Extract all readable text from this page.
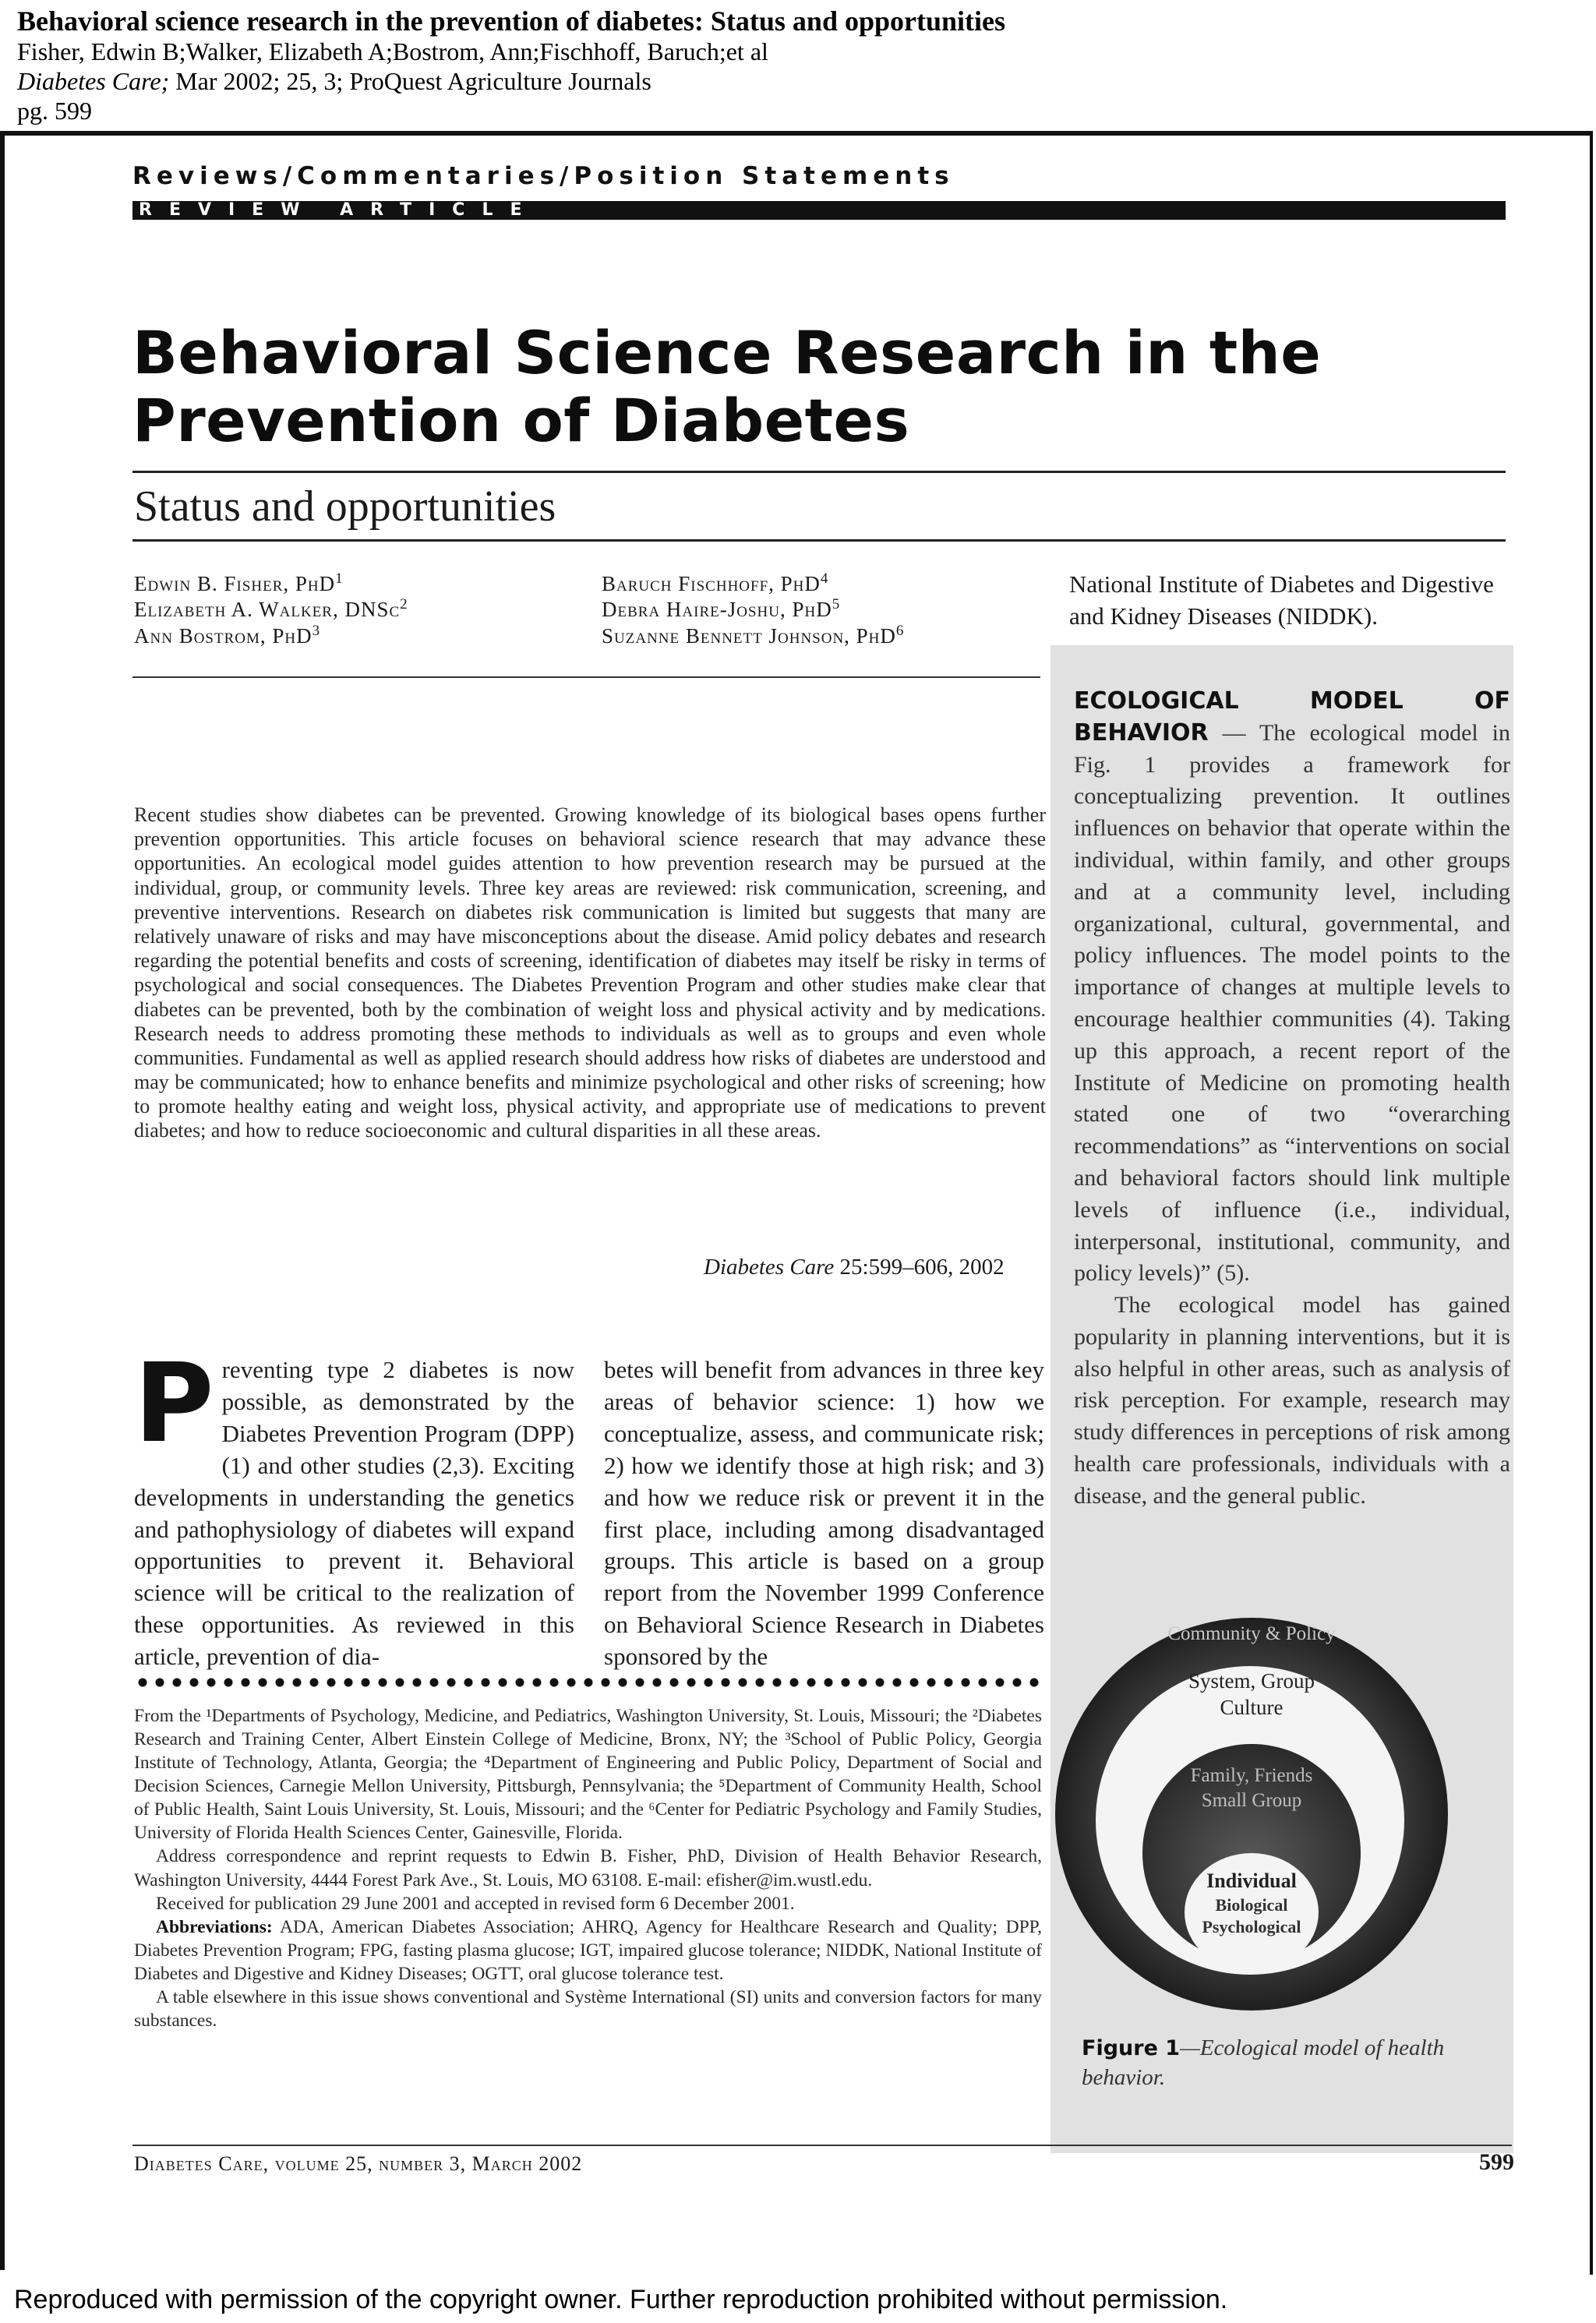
Behavioral science research in the prevention of diabetes: Status and opportunities
Fisher, Edwin B;Walker, Elizabeth A;Bostrom, Ann;Fischhoff, Baruch;et al
Diabetes Care; Mar 2002; 25, 3; ProQuest Agriculture Journals
pg. 599
Reviews/Commentaries/Position Statements
REVIEW ARTICLE
Behavioral Science Research in the Prevention of Diabetes
Status and opportunities
Edwin B. Fisher, PhD$^1$
Elizabeth A. Walker, DNSc$^2$
Ann Bostrom, PhD$^3$
Baruch Fischhoff, PhD$^4$
Debra Haire-Joshu, PhD$^5$
Suzanne Bennett Johnson, PhD$^6$
National Institute of Diabetes and Digestive and Kidney Diseases (NIDDK).
ECOLOGICAL MODEL OF BEHAVIOR — The ecological model in Fig. 1 provides a framework for conceptualizing prevention. It outlines influences on behavior that operate within the individual, within family, and other groups and at a community level, including organizational, cultural, governmental, and policy influences. The model points to the importance of changes at multiple levels to encourage healthier communities (4). Taking up this approach, a recent report of the Institute of Medicine on promoting health stated one of two “overarching recommendations” as “interventions on social and behavioral factors should link multiple levels of influence (i.e., individual, interpersonal, institutional, community, and policy levels)” (5).
The ecological model has gained popularity in planning interventions, but it is also helpful in other areas, such as analysis of risk perception. For example, research may study differences in perceptions of risk among health care professionals, individuals with a disease, and the general public.
Community & Policy
System, Group
Culture
Family, Friends
Small Group
Individual
Biological
Psychological
Figure 1—Ecological model of health behavior.
Recent studies show diabetes can be prevented. Growing knowledge of its biological bases opens further prevention opportunities. This article focuses on behavioral science research that may advance these opportunities. An ecological model guides attention to how prevention research may be pursued at the individual, group, or community levels. Three key areas are reviewed: risk communication, screening, and preventive interventions. Research on diabetes risk communication is limited but suggests that many are relatively unaware of risks and may have misconceptions about the disease. Amid policy debates and research regarding the potential benefits and costs of screening, identification of diabetes may itself be risky in terms of psychological and social consequences. The Diabetes Prevention Program and other studies make clear that diabetes can be prevented, both by the combination of weight loss and physical activity and by medications. Research needs to address promoting these methods to individuals as well as to groups and even whole communities. Fundamental as well as applied research should address how risks of diabetes are understood and may be communicated; how to enhance benefits and minimize psychological and other risks of screening; how to promote healthy eating and weight loss, physical activity, and appropriate use of medications to prevent diabetes; and how to reduce socioeconomic and cultural disparities in all these areas.
Diabetes Care 25:599–606, 2002
Preventing type 2 diabetes is now possible, as demonstrated by the Diabetes Prevention Program (DPP) (1) and other studies (2,3). Exciting developments in understanding the genetics and pathophysiology of diabetes will expand opportunities to prevent it. Behavioral science will be critical to the realization of these opportunities. As reviewed in this article, prevention of dia-
betes will benefit from advances in three key areas of behavior science: 1) how we conceptualize, assess, and communicate risk; 2) how we identify those at high risk; and 3) and how we reduce risk or prevent it in the first place, including among disadvantaged groups. This article is based on a group report from the November 1999 Conference on Behavioral Science Research in Diabetes sponsored by the

From the ¹Departments of Psychology, Medicine, and Pediatrics, Washington University, St. Louis, Missouri; the ²Diabetes Research and Training Center, Albert Einstein College of Medicine, Bronx, NY; the ³School of Public Policy, Georgia Institute of Technology, Atlanta, Georgia; the ⁴Department of Engineering and Public Policy, Department of Social and Decision Sciences, Carnegie Mellon University, Pittsburgh, Pennsylvania; the ⁵Department of Community Health, School of Public Health, Saint Louis University, St. Louis, Missouri; and the ⁶Center for Pediatric Psychology and Family Studies, University of Florida Health Sciences Center, Gainesville, Florida.

Address correspondence and reprint requests to Edwin B. Fisher, PhD, Division of Health Behavior Research, Washington University, 4444 Forest Park Ave., St. Louis, MO 63108. E-mail: efisher@im.wustl.edu.

Received for publication 29 June 2001 and accepted in revised form 6 December 2001.

Abbreviations: ADA, American Diabetes Association; AHRQ, Agency for Healthcare Research and Quality; DPP, Diabetes Prevention Program; FPG, fasting plasma glucose; IGT, impaired glucose tolerance; NIDDK, National Institute of Diabetes and Digestive and Kidney Diseases; OGTT, oral glucose tolerance test.

A table elsewhere in this issue shows conventional and Système International (SI) units and conversion factors for many substances.

Diabetes Care, volume 25, number 3, March 2002	599
Reproduced with permission of the copyright owner. Further reproduction prohibited without permission.
